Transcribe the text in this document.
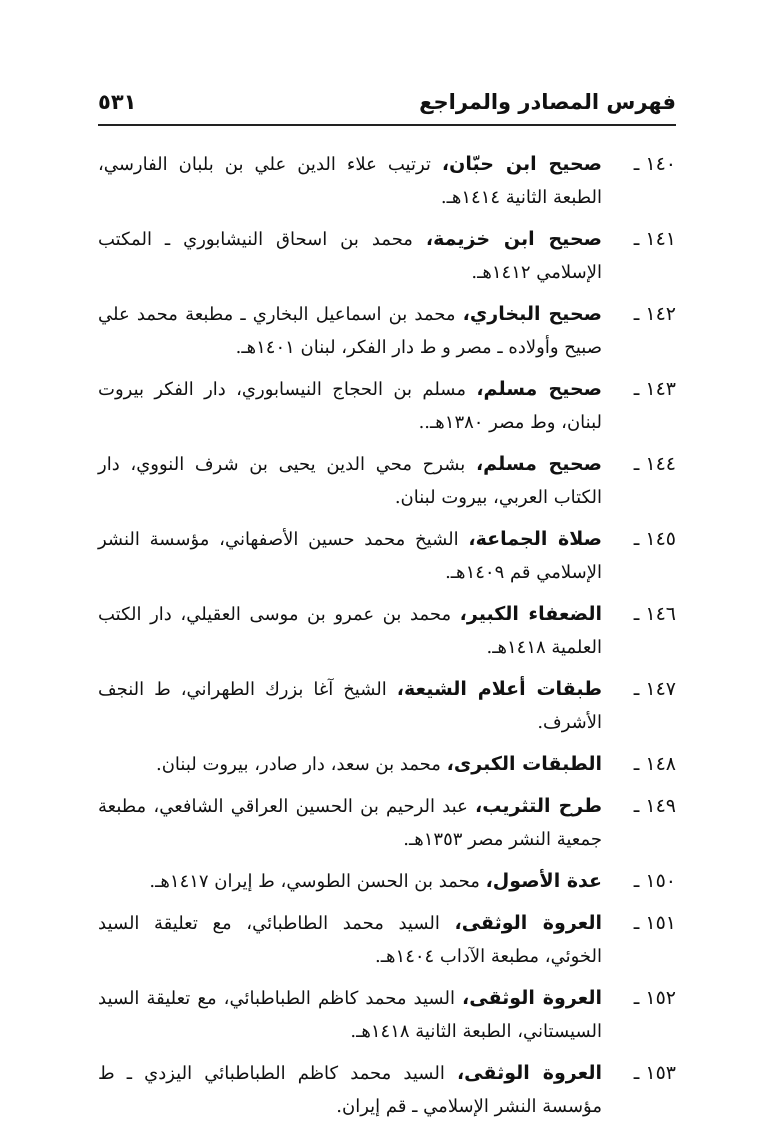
فهرس المصادر والمراجع
٥٣١
١٤٠ ـ
صحيح ابن حبّان، ترتيب علاء الدين علي بن بلبان الفارسي، الطبعة الثانية ١٤١٤هـ.
١٤١ ـ
صحيح ابن خزيمة، محمد بن اسحاق النيشابوري ـ المكتب الإسلامي ١٤١٢هـ.
١٤٢ ـ
صحيح البخاري، محمد بن اسماعيل البخاري ـ مطبعة محمد علي صبيح وأولاده ـ مصر و ط دار الفكر، لبنان ١٤٠١هـ.
١٤٣ ـ
صحيح مسلم، مسلم بن الحجاج النيسابوري، دار الفكر بيروت لبنان، وط مصر ١٣٨٠هـ..
١٤٤ ـ
صحيح مسلم، بشرح محي الدين يحيى بن شرف النووي، دار الكتاب العربي، بيروت لبنان.
١٤٥ ـ
صلاة الجماعة، الشيخ محمد حسين الأصفهاني، مؤسسة النشر الإسلامي قم ١٤٠٩هـ.
١٤٦ ـ
الضعفاء الكبير، محمد بن عمرو بن موسى العقيلي، دار الكتب العلمية ١٤١٨هـ.
١٤٧ ـ
طبقات أعلام الشيعة، الشيخ آغا بزرك الطهراني، ط النجف الأشرف.
١٤٨ ـ
الطبقات الكبرى، محمد بن سعد، دار صادر، بيروت لبنان.
١٤٩ ـ
طرح التثريب، عبد الرحيم بن الحسين العراقي الشافعي، مطبعة جمعية النشر مصر ١٣٥٣هـ.
١٥٠ ـ
عدة الأصول، محمد بن الحسن الطوسي، ط إيران ١٤١٧هـ.
١٥١ ـ
العروة الوثقى، السيد محمد الطاطبائي، مع تعليقة السيد الخوئي، مطبعة الآداب ١٤٠٤هـ.
١٥٢ ـ
العروة الوثقى، السيد محمد كاظم الطباطبائي، مع تعليقة السيد السيستاني، الطبعة الثانية ١٤١٨هـ.
١٥٣ ـ
العروة الوثقى، السيد محمد كاظم الطباطبائي اليزدي ـ ط مؤسسة النشر الإسلامي ـ قم إيران.
